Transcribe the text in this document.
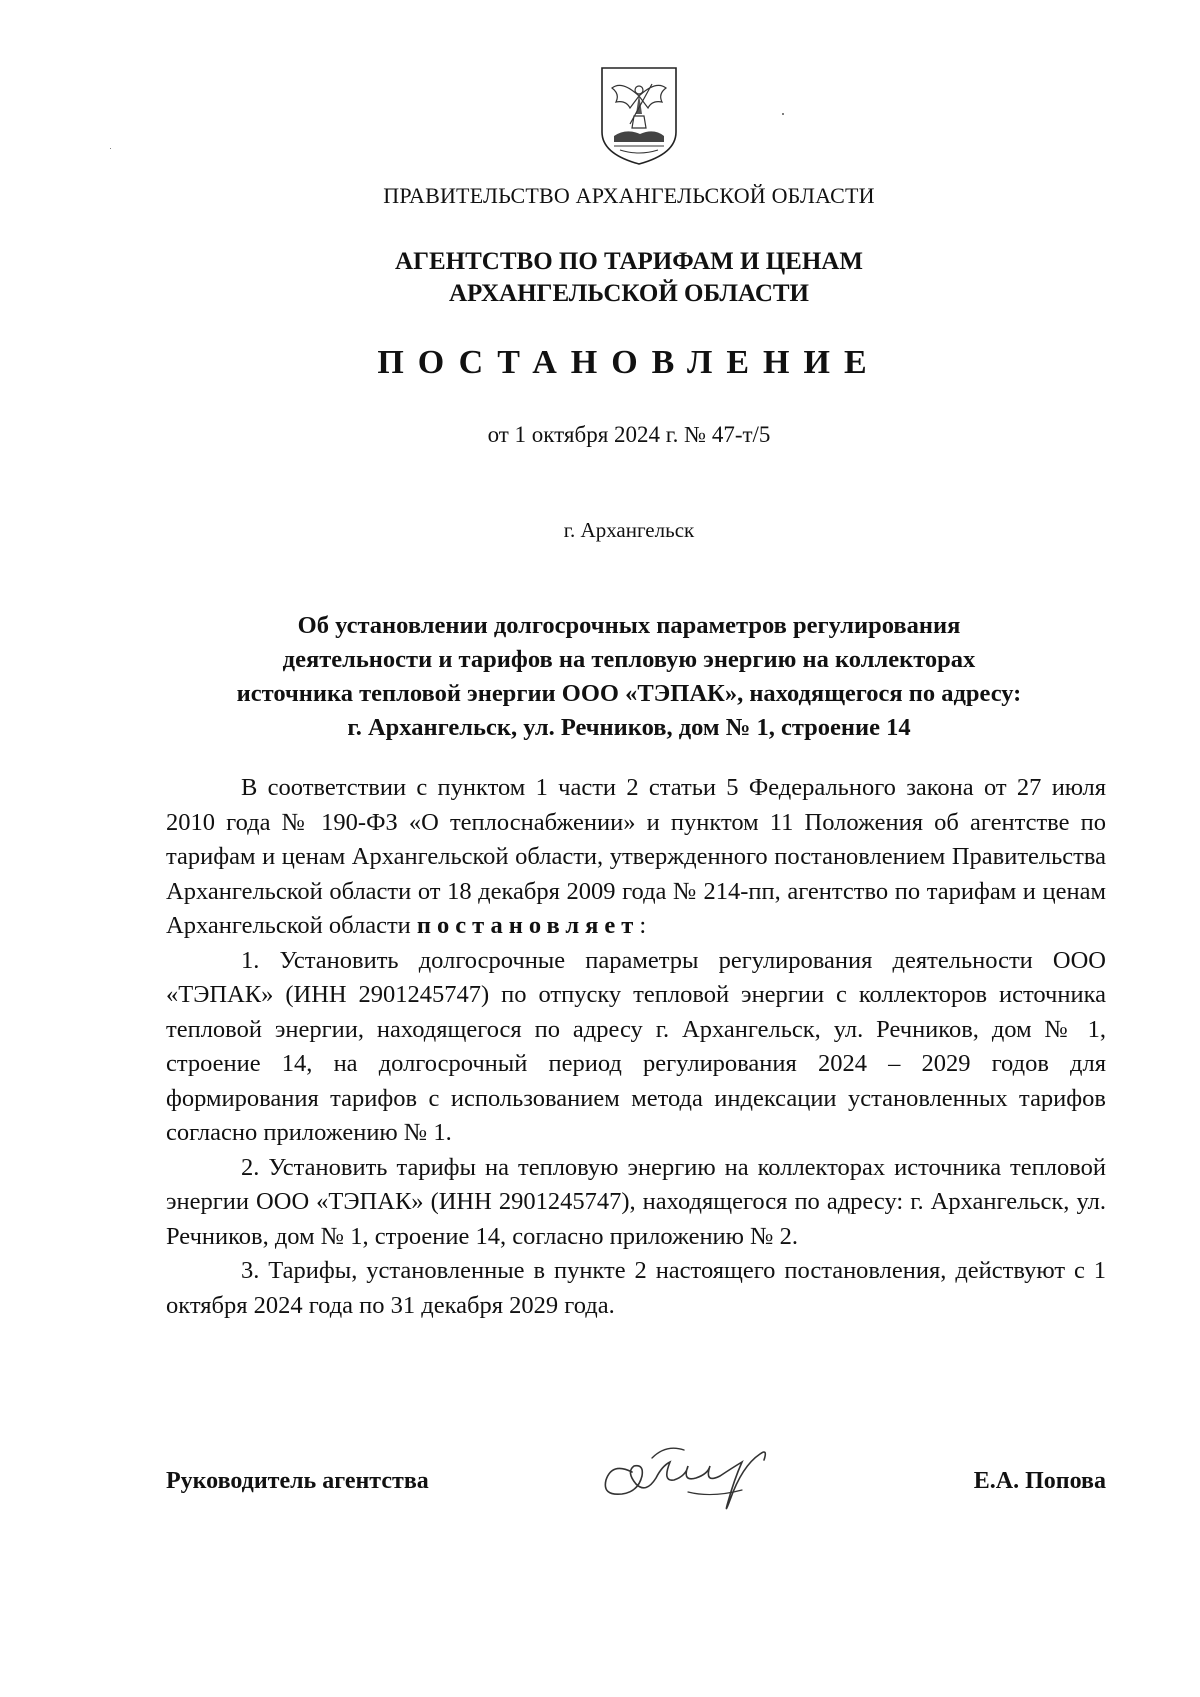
ПРАВИТЕЛЬСТВО АРХАНГЕЛЬСКОЙ ОБЛАСТИ
АГЕНТСТВО ПО ТАРИФАМ И ЦЕНАМ
АРХАНГЕЛЬСКОЙ ОБЛАСТИ
ПОСТАНОВЛЕНИЕ
от 1 октября 2024 г. № 47-т/5
г. Архангельск
Об установлении долгосрочных параметров регулирования
деятельности и тарифов на тепловую энергию на коллекторах
источника тепловой энергии ООО «ТЭПАК», находящегося по адресу:
г. Архангельск, ул. Речников, дом № 1, строение 14

В соответствии с пунктом 1 части 2 статьи 5 Федерального закона от 27 июля 2010 года № 190-ФЗ «О теплоснабжении» и пунктом 11 Положения об агентстве по тарифам и ценам Архангельской области, утвержденного постановлением Правительства Архангельской области от 18 декабря 2009 года № 214-пп, агентство по тарифам и ценам Архангельской области постановляет:

1. Установить долгосрочные параметры регулирования деятельности ООО «ТЭПАК» (ИНН 2901245747) по отпуску тепловой энергии с коллекторов источника тепловой энергии, находящегося по адресу г. Архангельск, ул. Речников, дом № 1, строение 14, на долгосрочный период регулирования 2024 – 2029 годов для формирования тарифов с использованием метода индексации установленных тарифов согласно приложению № 1.

2. Установить тарифы на тепловую энергию на коллекторах источника тепловой энергии ООО «ТЭПАК» (ИНН 2901245747), находящегося по адресу: г. Архангельск, ул. Речников, дом № 1, строение 14, согласно приложению № 2.

3. Тарифы, установленные в пункте 2 настоящего постановления, действуют с 1 октября 2024 года по 31 декабря 2029 года.

Руководитель агентства	Е.А. Попова
